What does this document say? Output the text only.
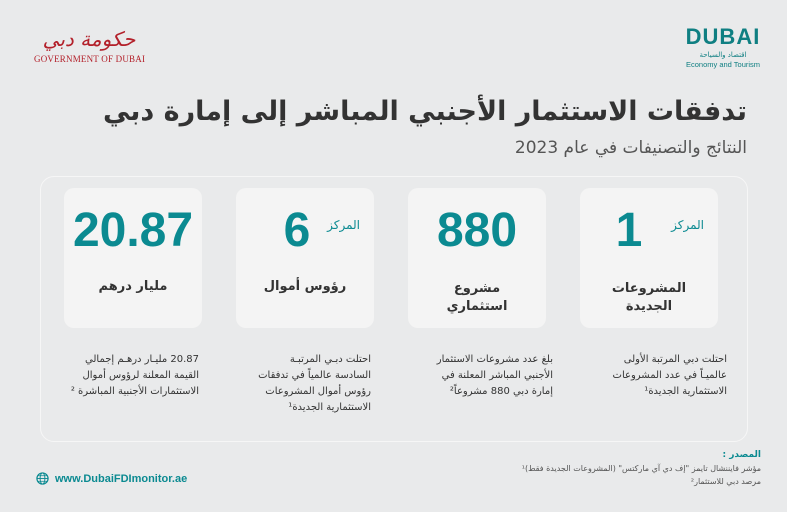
حكومة دبي
GOVERNMENT OF DUBAI
DUBAI
اقتصاد والسياحة
Economy and Tourism
تدفقات الاستثمار الأجنبي المباشر إلى إمارة دبي
النتائج والتصنيفات في عام 2023
1	المركز
المشروعات
الجديدة
880
مشروع
استثماري
6	المركز
رؤوس أموال
20.87
مليار درهم
احتلت دبي المرتبة الأولى
عالميـاً في عدد المشروعات
الاستثمارية الجديدة¹
بلغ عدد مشروعات الاستثمار
الأجنبي المباشر المعلنة في
إمارة دبي 880 مشروعاً²
احتلت دبـي المرتبـة
السادسة عالمياً في تدفقات
رؤوس أموال المشروعات
الاستثمارية الجديدة¹
20.87 مليـار درهـم إجمالي
القيمة المعلنة لرؤوس أموال
الاستثمارات الأجنبية المباشرة ²
المصدر :
مؤشر فايننشال تايمز "إف دي آي ماركتس" (المشروعات الجديدة فقط)¹
مرصد دبي للاستثمار²
www.DubaiFDImonitor.ae
